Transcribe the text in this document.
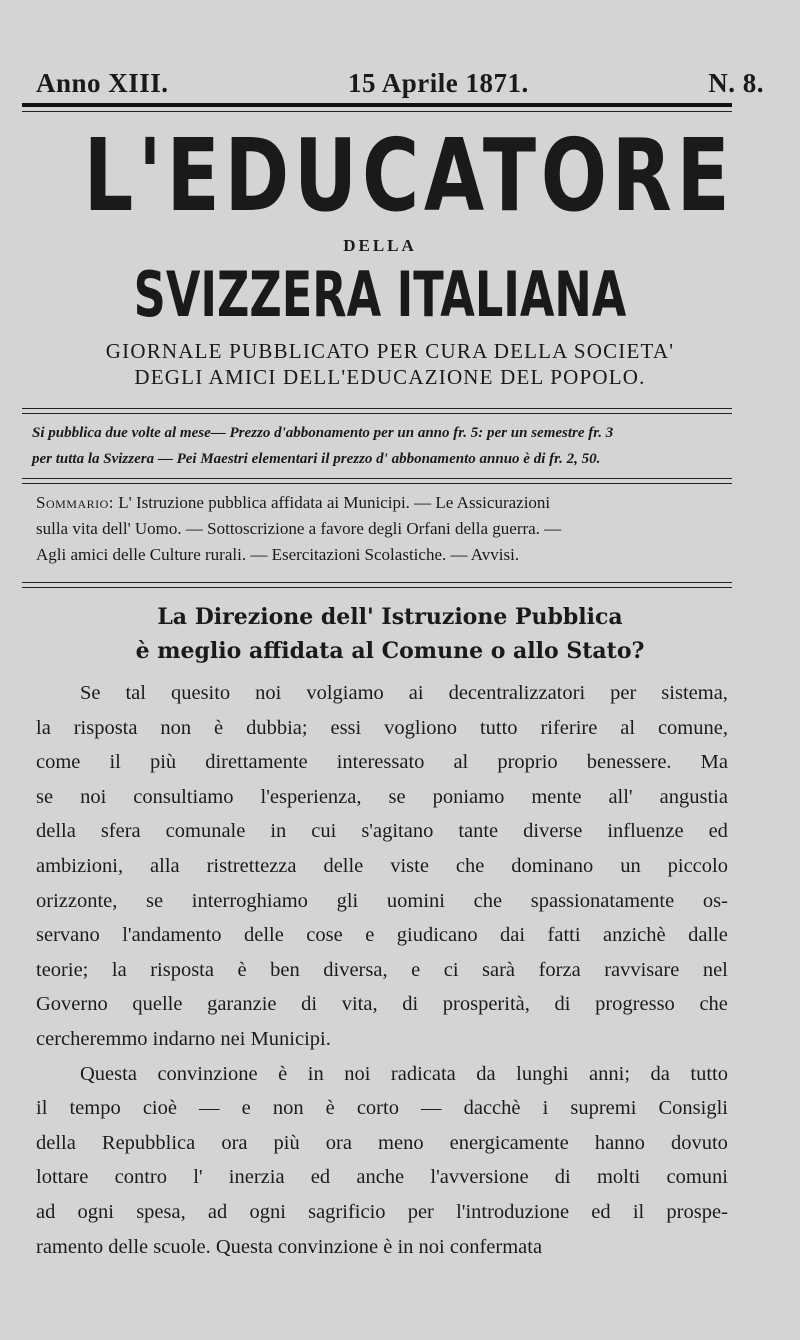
Anno XIII.	15 Aprile 1871.	N. 8.
L'EDUCATORE
DELLA
SVIZZERA ITALIANA
GIORNALE PUBBLICATO PER CURA DELLA SOCIETA'
DEGLI AMICI DELL'EDUCAZIONE DEL POPOLO.
Si pubblica due volte al mese— Prezzo d'abbonamento per un anno fr. 5: per un semestre fr. 3
per tutta la Svizzera — Pei Maestri elementari il prezzo d' abbonamento annuo è di fr. 2, 50.
Sommario: L' Istruzione pubblica affidata ai Municipi. — Le Assicurazioni
sulla vita dell' Uomo. — Sottoscrizione a favore degli Orfani della guerra. —
Agli amici delle Culture rurali. — Esercitazioni Scolastiche. — Avvisi.
La Direzione dell' Istruzione Pubblica
è meglio affidata al Comune o allo Stato?
Se tal quesito noi volgiamo ai decentralizzatori per sistema,
la risposta non è dubbia; essi vogliono tutto riferire al comune,
come il più direttamente interessato al proprio benessere. Ma
se noi consultiamo l'esperienza, se poniamo mente all' angustia
della sfera comunale in cui s'agitano tante diverse influenze ed
ambizioni, alla ristrettezza delle viste che dominano un piccolo
orizzonte, se interroghiamo gli uomini che spassionatamente os-
servano l'andamento delle cose e giudicano dai fatti anzichè dalle
teorie; la risposta è ben diversa, e ci sarà forza ravvisare nel
Governo quelle garanzie di vita, di prosperità, di progresso che
cercheremmo indarno nei Municipi.
Questa convinzione è in noi radicata da lunghi anni; da tutto
il tempo cioè — e non è corto — dacchè i supremi Consigli
della Repubblica ora più ora meno energicamente hanno dovuto
lottare contro l' inerzia ed anche l'avversione di molti comuni
ad ogni spesa, ad ogni sagrificio per l'introduzione ed il prospe-
ramento delle scuole. Questa convinzione è in noi confermata
